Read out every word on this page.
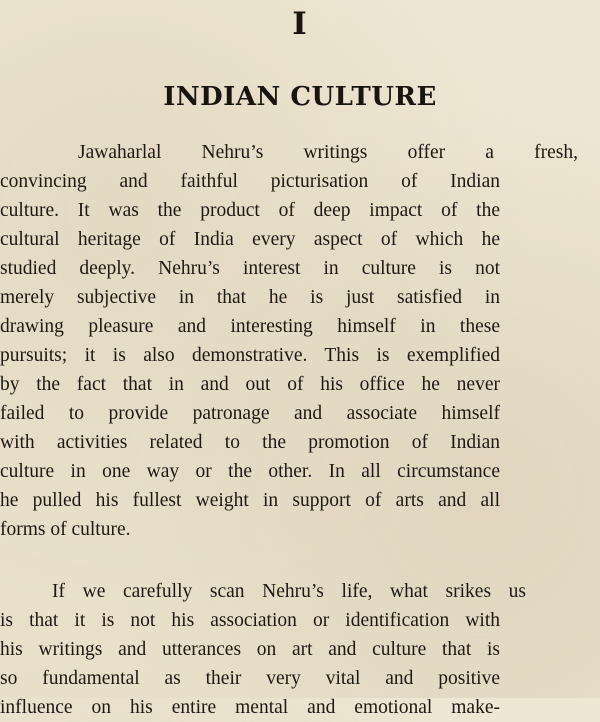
I
INDIAN CULTURE
Jawaharlal Nehru’s writings offer a fresh,
convincing and faithful picturisation of Indian
culture. It was the product of deep impact of the
cultural heritage of India every aspect of which he
studied deeply. Nehru’s interest in culture is not
merely subjective in that he is just satisfied in
drawing pleasure and interesting himself in these
pursuits; it is also demonstrative. This is exemplified
by the fact that in and out of his office he never
failed to provide patronage and associate himself
with activities related to the promotion of Indian
culture in one way or the other. In all circumstance
he pulled his fullest weight in support of arts and all
forms of culture.
If we carefully scan Nehru’s life, what srikes us
is that it is not his association or identification with
his writings and utterances on art and culture that is
so fundamental as their very vital and positive
influence on his entire mental and emotional make-
